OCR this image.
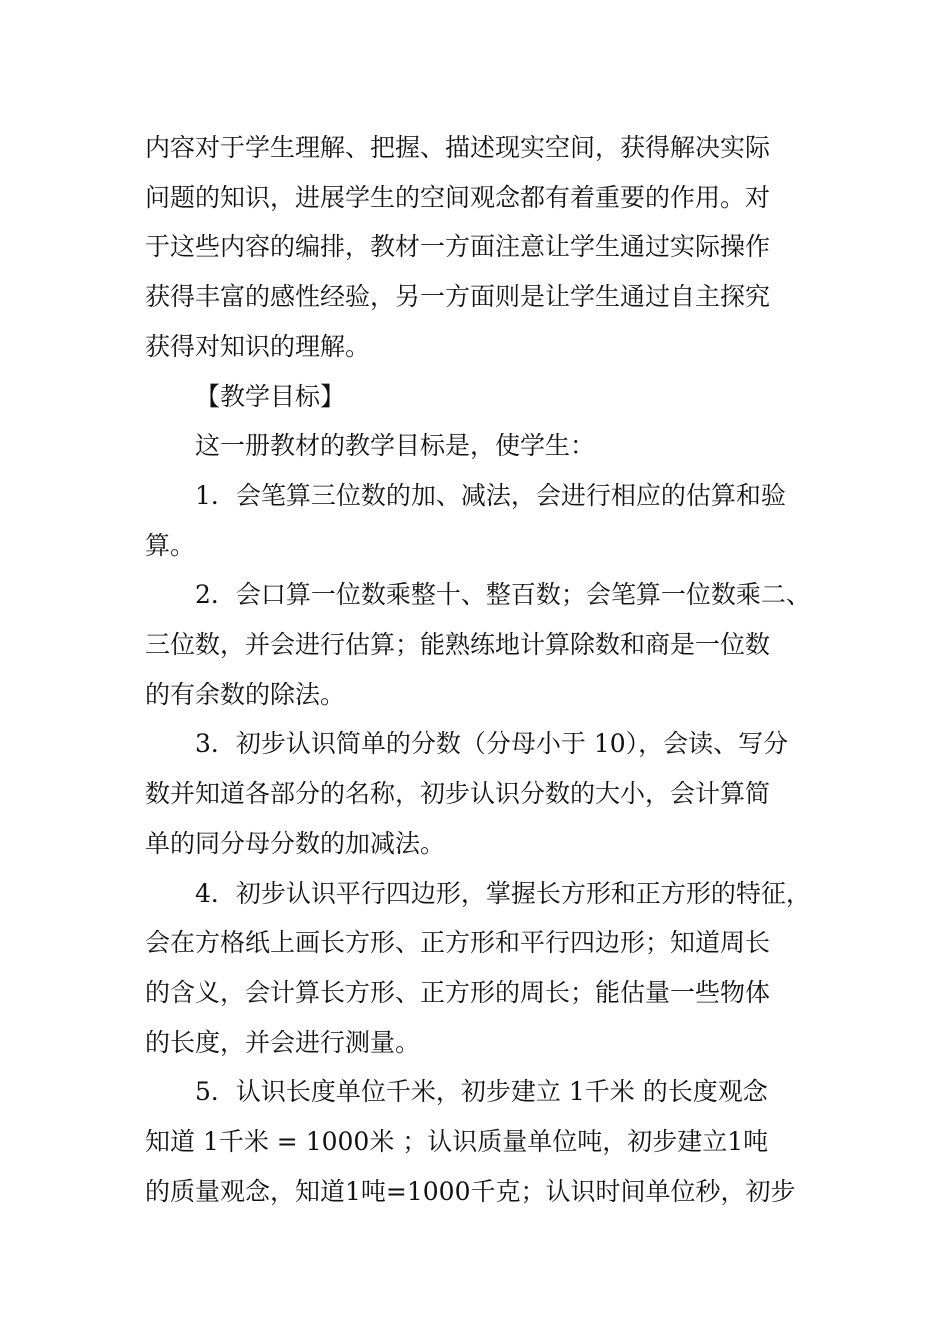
内容对于学生理解、把握、描述现实空间，获得解决实际
问题的知识，进展学生的空间观念都有着重要的作用。对
于这些内容的编排，教材一方面注意让学生通过实际操作
获得丰富的感性经验，另一方面则是让学生通过自主探究
获得对知识的理解。
【教学目标】
这一册教材的教学目标是，使学生：
1．会笔算三位数的加、减法，会进行相应的估算和验
算。
2．会口算一位数乘整十、整百数；会笔算一位数乘二、
三位数，并会进行估算；能熟练地计算除数和商是一位数
的有余数的除法。
3．初步认识简单的分数（分母小于 10），会读、写分
数并知道各部分的名称，初步认识分数的大小，会计算简
单的同分母分数的加减法。
4．初步认识平行四边形，掌握长方形和正方形的特征，
会在方格纸上画长方形、正方形和平行四边形；知道周长
的含义，会计算长方形、正方形的周长；能估量一些物体
的长度，并会进行测量。
5．认识长度单位千米，初步建立 1千米 的长度观念
知道 1千米 = 1000米 ；认识质量单位吨，初步建立1吨
的质量观念，知道1吨=1000千克；认识时间单位秒，初步
